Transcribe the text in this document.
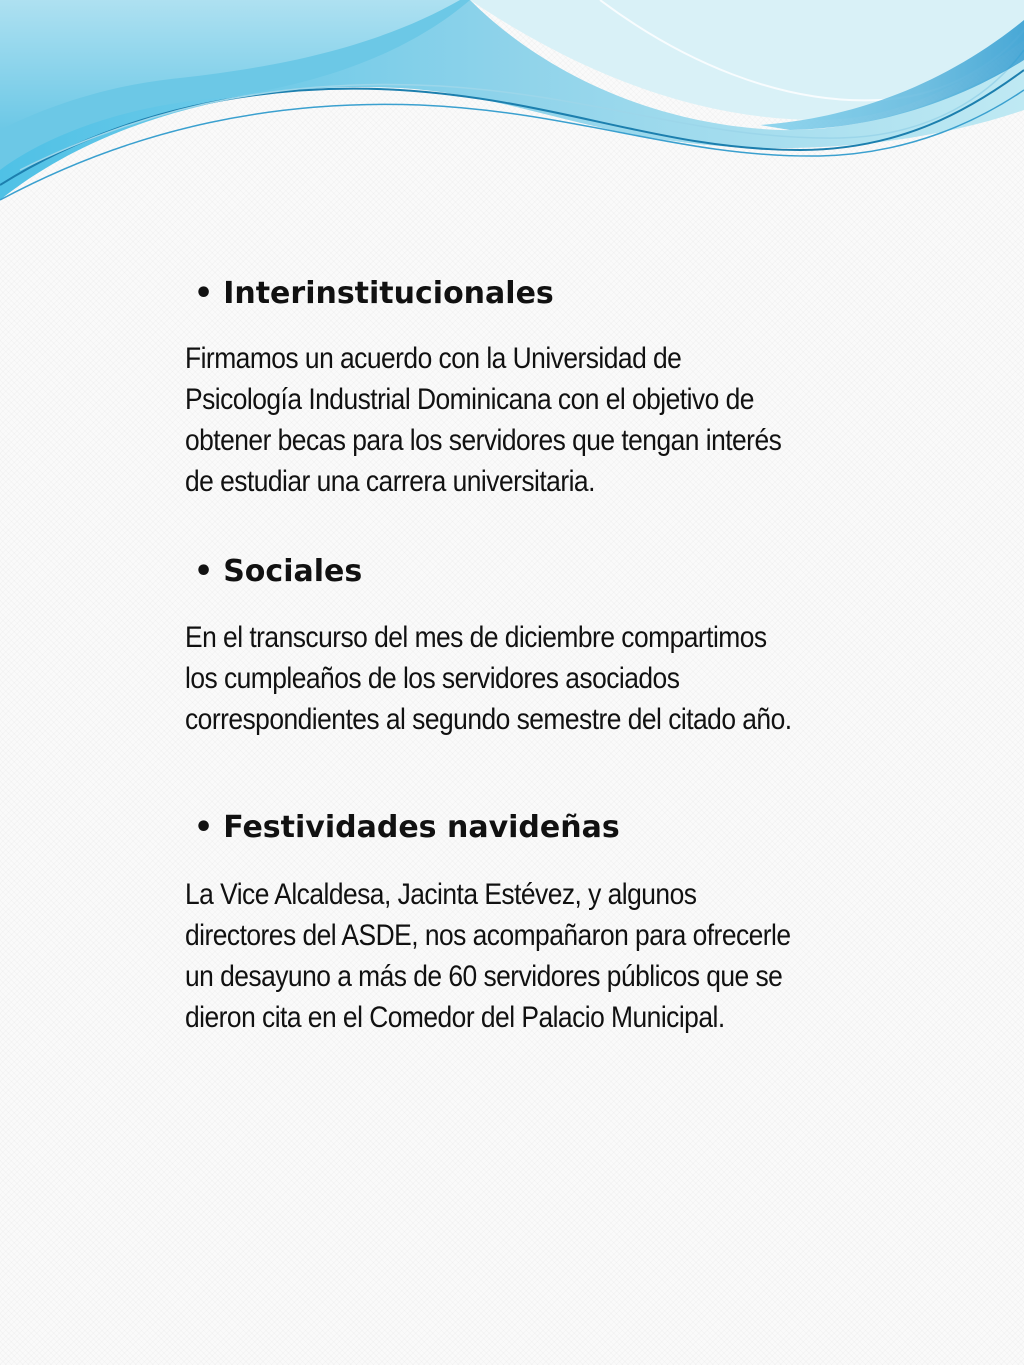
• Interinstitucionales

Firmamos un acuerdo con la Universidad de
Psicología Industrial Dominicana con el objetivo de
obtener becas para los servidores que tengan interés
de estudiar una carrera universitaria.

• Sociales

En el transcurso del mes de diciembre compartimos
los cumpleaños de los servidores asociados
correspondientes al segundo semestre del citado año.

• Festividades navideñas

La Vice Alcaldesa, Jacinta Estévez, y algunos
directores del ASDE, nos acompañaron para ofrecerle
un desayuno a más de 60 servidores públicos que se
dieron cita en el Comedor del Palacio Municipal.
